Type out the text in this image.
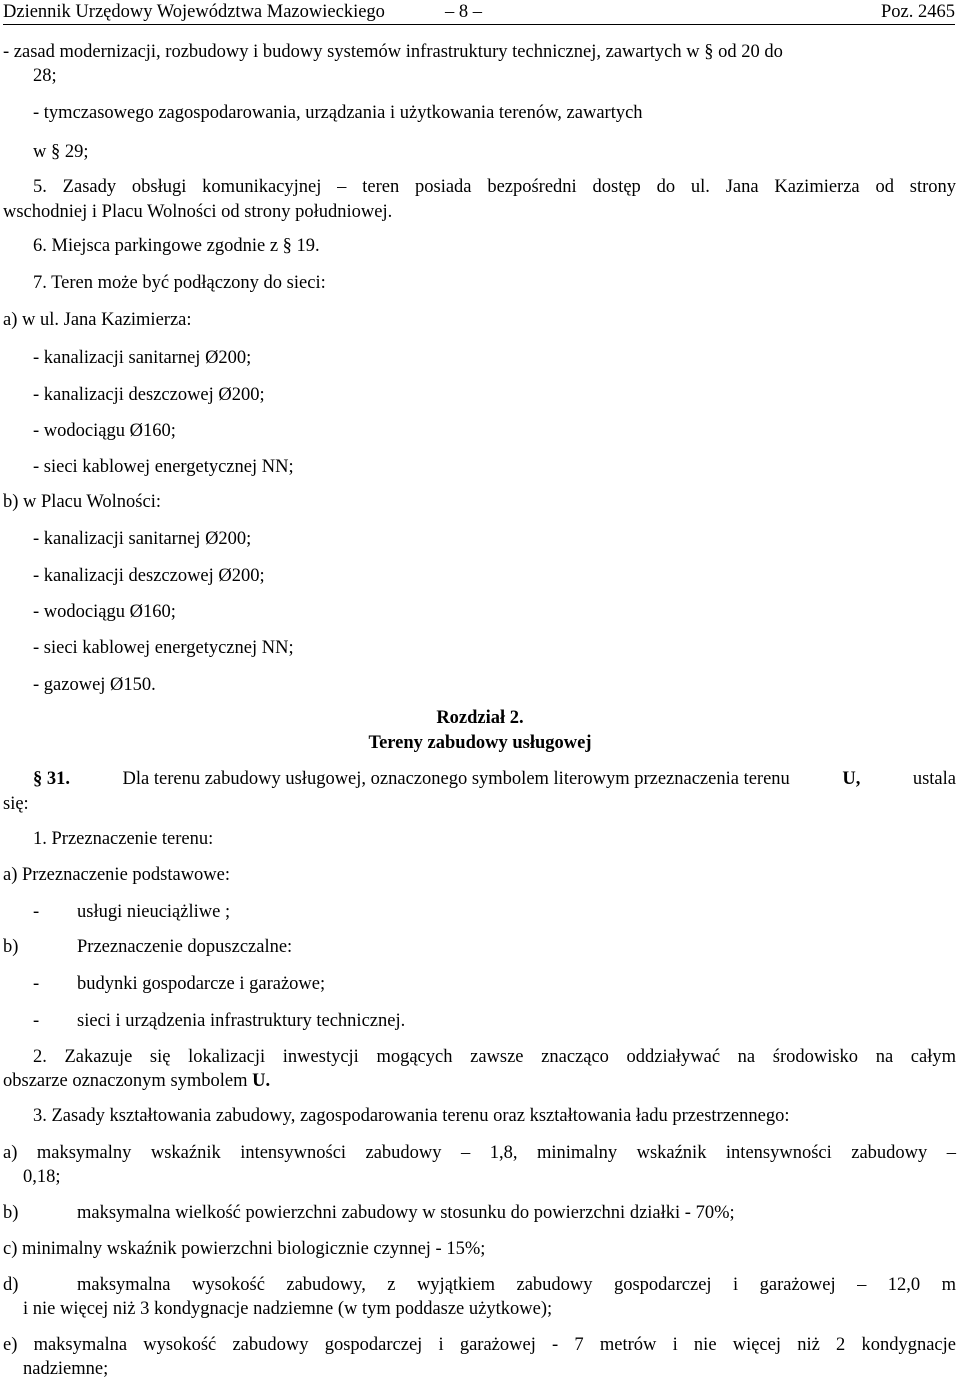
Dziennik Urzędowy Województwa Mazowieckiego	– 8 –	Poz. 2465
- zasad modernizacji, rozbudowy i budowy systemów infrastruktury technicznej, zawartych w § od 20 do
28;
- tymczasowego zagospodarowania, urządzania i użytkowania terenów, zawartych
w § 29;
5. Zasady obsługi komunikacyjnej – teren posiada bezpośredni dostęp do ul. Jana Kazimierza od strony
wschodniej i Placu Wolności od strony południowej.
6. Miejsca parkingowe zgodnie z § 19.
7. Teren może być podłączony do sieci:
a) w ul. Jana Kazimierza:
- kanalizacji sanitarnej Ø200;
- kanalizacji deszczowej Ø200;
- wodociągu Ø160;
- sieci kablowej energetycznej NN;
b) w Placu Wolności:
- kanalizacji sanitarnej Ø200;
- kanalizacji deszczowej Ø200;
- wodociągu Ø160;
- sieci kablowej energetycznej NN;
- gazowej Ø150.
Rozdział 2.
Tereny zabudowy usługowej
§ 31.	Dla terenu zabudowy usługowej, oznaczonego symbolem literowym przeznaczenia terenu	U,	ustala
się:
1. Przeznaczenie terenu:
a) Przeznaczenie podstawowe:
- usługi nieuciążliwe ;
b)	Przeznaczenie dopuszczalne:
- budynki gospodarcze i garażowe;
- sieci i urządzenia infrastruktury technicznej.
2. Zakazuje się lokalizacji inwestycji mogących zawsze znacząco oddziaływać na środowisko na całym
obszarze oznaczonym symbolem U.
3. Zasady kształtowania zabudowy, zagospodarowania terenu oraz kształtowania ładu przestrzennego:
a) maksymalny wskaźnik intensywności zabudowy – 1,8, minimalny wskaźnik intensywności zabudowy –
0,18;
b)	maksymalna wielkość powierzchni zabudowy w stosunku do powierzchni działki - 70%;
c) minimalny wskaźnik powierzchni biologicznie czynnej - 15%;
d)	maksymalna wysokość zabudowy, z wyjątkiem zabudowy gospodarczej i garażowej – 12,0 m
i nie więcej niż 3 kondygnacje nadziemne (w tym poddasze użytkowe);
e) maksymalna wysokość zabudowy gospodarczej i garażowej - 7 metrów i nie więcej niż 2 kondygnacje
nadziemne;
